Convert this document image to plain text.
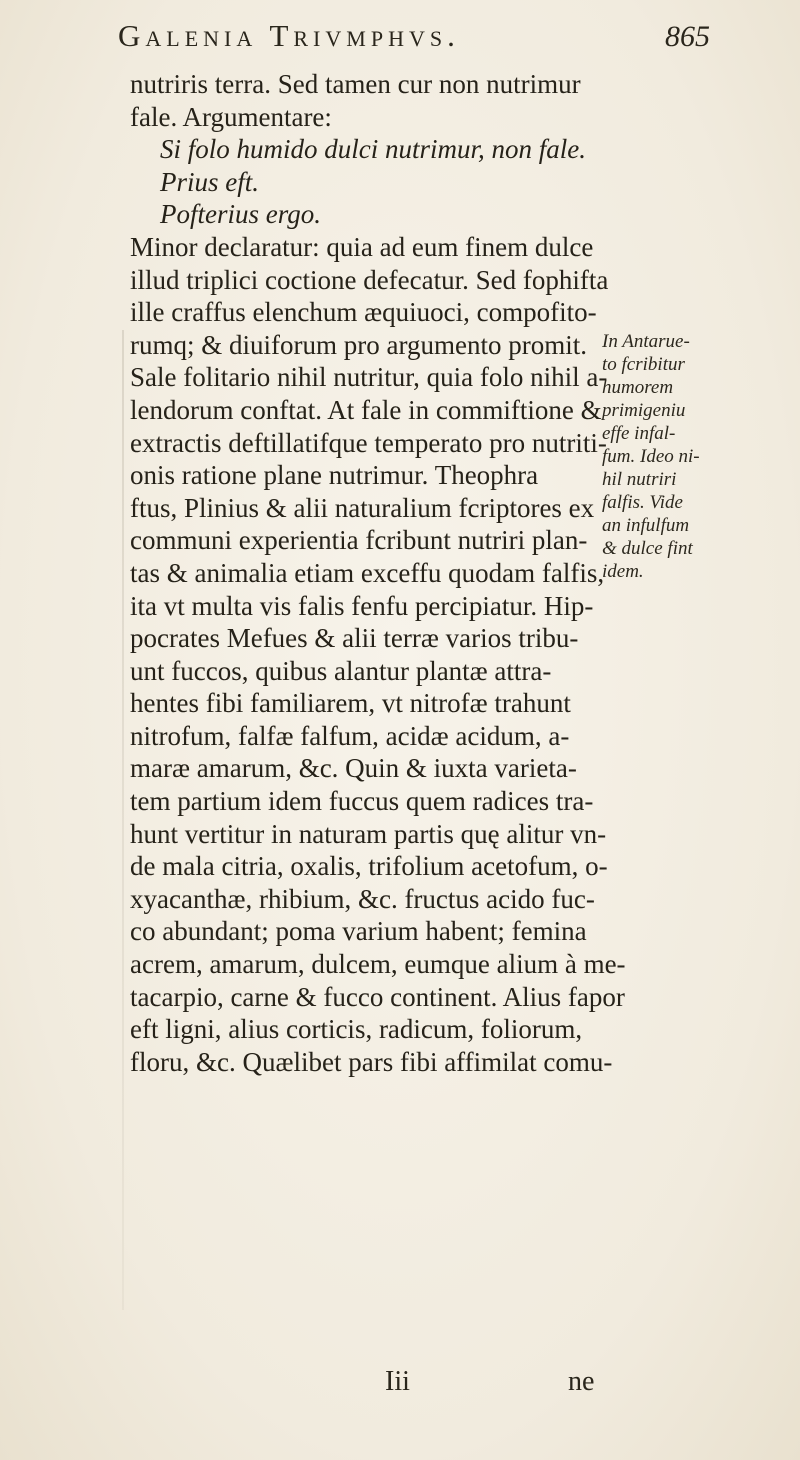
Galenia Trivmphvs.	865
nutriris terra. Sed tamen cur non nutrimur
fale. Argumentare:
Si folo humido dulci nutrimur, non fale.
Prius eft.
Pofterius ergo.
Minor declaratur: quia ad eum finem dulce
illud triplici coctione defecatur. Sed fophifta
ille craffus elenchum æquiuoci, compofito-
rumq; & diuiforum pro argumento promit.
Sale folitario nihil nutritur, quia folo nihil a-
lendorum conftat. At fale in commiftione &
extractis deftillatifque temperato pro nutriti-
onis ratione plane nutrimur. Theophra
ftus, Plinius & alii naturalium fcriptores ex
communi experientia fcribunt nutriri plan-
tas & animalia etiam exceffu quodam falfis,
ita vt multa vis falis fenfu percipiatur. Hip-
pocrates Mefues & alii terræ varios tribu-
unt fuccos, quibus alantur plantæ attra-
hentes fibi familiarem, vt nitrofæ trahunt
nitrofum, falfæ falfum, acidæ acidum, a-
maræ amarum, &c. Quin & iuxta varieta-
tem partium idem fuccus quem radices tra-
hunt vertitur in naturam partis quę alitur vn-
de mala citria, oxalis, trifolium acetofum, o-
xyacanthæ, rhibium, &c. fructus acido fuc-
co abundant; poma varium habent; femina
acrem, amarum, dulcem, eumque alium à me-
tacarpio, carne & fucco continent. Alius fapor
eft ligni, alius corticis, radicum, foliorum,
floru, &c. Quælibet pars fibi affimilat comu-
In Antarue-
to fcribitur
humorem
primigeniu
effe infal-
fum. Ideo ni-
hil nutriri
falfis. Vide
an infulfum
& dulce fint
idem.
Iii	ne
